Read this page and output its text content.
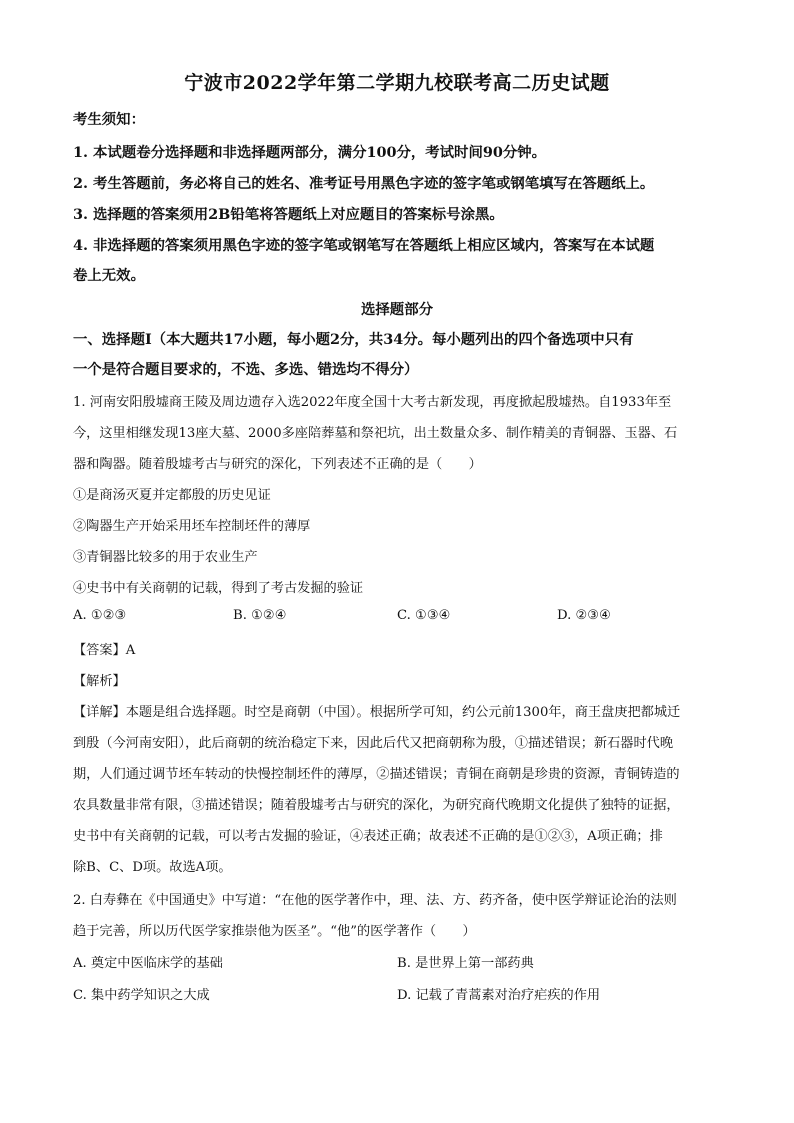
宁波市2022学年第二学期九校联考高二历史试题
考生须知：
1. 本试题卷分选择题和非选择题两部分，满分100分，考试时间90分钟。
2. 考生答题前，务必将自己的姓名、准考证号用黑色字迹的签字笔或钢笔填写在答题纸上。
3. 选择题的答案须用2B铅笔将答题纸上对应题目的答案标号涂黑。
4. 非选择题的答案须用黑色字迹的签字笔或钢笔写在答题纸上相应区域内，答案写在本试题
卷上无效。
选择题部分
一、选择题Ⅰ（本大题共17小题，每小题2分，共34分。每小题列出的四个备选项中只有
一个是符合题目要求的，不选、多选、错选均不得分）
1. 河南安阳殷墟商王陵及周边遗存入选2022年度全国十大考古新发现，再度掀起殷墟热。自1933年至
今，这里相继发现13座大墓、2000多座陪葬墓和祭祀坑，出土数量众多、制作精美的青铜器、玉器、石
器和陶器。随着殷墟考古与研究的深化，下列表述不正确的是（　　）
①是商汤灭夏并定都殷的历史见证
②陶器生产开始采用坯车控制坯件的薄厚
③青铜器比较多的用于农业生产
④史书中有关商朝的记载，得到了考古发掘的验证
A. ①②③	B. ①②④	C. ①③④	D. ②③④
【答案】A
【解析】
【详解】本题是组合选择题。时空是商朝（中国）。根据所学可知，约公元前1300年，商王盘庚把都城迁
到殷（今河南安阳），此后商朝的统治稳定下来，因此后代又把商朝称为殷，①描述错误；新石器时代晚
期，人们通过调节坯车转动的快慢控制坯件的薄厚，②描述错误；青铜在商朝是珍贵的资源，青铜铸造的
农具数量非常有限，③描述错误；随着殷墟考古与研究的深化，为研究商代晚期文化提供了独特的证据，
史书中有关商朝的记载，可以考古发掘的验证，④表述正确；故表述不正确的是①②③，A项正确；排
除B、C、D项。故选A项。
2. 白寿彝在《中国通史》中写道：“在他的医学著作中，理、法、方、药齐备，使中医学辩证论治的法则
趋于完善，所以历代医学家推崇他为医圣”。“他”的医学著作（　　）
A. 奠定中医临床学的基础	B. 是世界上第一部药典
C. 集中药学知识之大成	D. 记载了青蒿素对治疗疟疾的作用
